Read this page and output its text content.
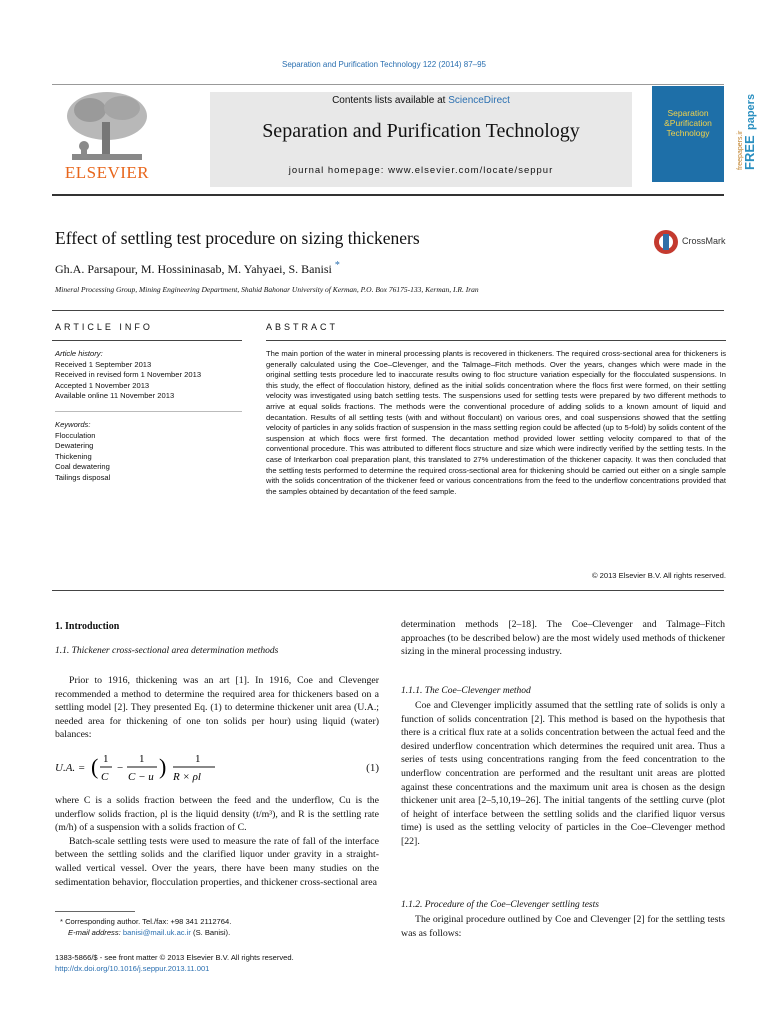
Separation and Purification Technology 122 (2014) 87–95
ELSEVIER
Contents lists available at ScienceDirect
Separation and Purification Technology
journal homepage: www.elsevier.com/locate/seppur
Separation
&Purification
Technology
FREE
papers
freepapers.ir
Effect of settling test procedure on sizing thickeners	CrossMark
Gh.A. Parsapour, M. Hossininasab, M. Yahyaei, S. Banisi *
Mineral Processing Group, Mining Engineering Department, Shahid Bahonar University of Kerman, P.O. Box 76175-133, Kerman, I.R. Iran
ARTICLE INFO	ABSTRACT
Article history:
Received 1 September 2013
Received in revised form 1 November 2013
Accepted 1 November 2013
Available online 11 November 2013
Keywords:
Flocculation
Dewatering
Thickening
Coal dewatering
Tailings disposal
The main portion of the water in mineral processing plants is recovered in thickeners. The required cross-sectional area for thickeners is generally calculated using the Coe–Clevenger, and the Talmage–Fitch methods. Over the years, changes which were made in the original settling tests procedure led to inaccurate results owing to floc structure variation especially for the flocculated suspensions. In this study, the effect of flocculation history, defined as the initial solids concentration where the flocs first were formed, on their settling velocity was investigated using batch settling tests. The suspensions used for settling tests were prepared by two different methods to arrive at equal solids fractions. The methods were the conventional procedure of adding solids to a known amount of liquid and decantation. Results of all settling tests (with and without flocculant) on various ores, and coal suspensions showed that the settling velocity of particles in any solids fraction of suspension in the mass settling region could be affected (up to 5-fold) by solids content of the suspension at which flocs were first formed. The decantation method provided lower settling velocity compared to that of the conventional procedure. This was attributed to different flocs structure and size which were indirectly verified by the settling tests. In the case of Interkarbon coal preparation plant, this translated to 27% underestimation of the thickener capacity. It was then concluded that the settling tests performed to determine the required cross-sectional area for thickening should be carried out either on a single sample with the solids concentration of the thickener feed or various concentrations from the feed to the underflow concentrations provided that the samples obtained by decantation of the feed sample.
© 2013 Elsevier B.V. All rights reserved.
1. Introduction
1.1. Thickener cross-sectional area determination methods

Prior to 1916, thickening was an art [1]. In 1916, Coe and Clevenger recommended a method to determine the required area for thickeners based on a settling model [2]. They presented Eq. (1) to determine thickener unit area (U.A.; needed area for thickening of one ton solids per hour) using liquid (water) balances:

U.A. = ( 1
C
−
1
C − u )	1
R × ρl
(1)

where C is a solids fraction between the feed and the underflow, Cu is the underflow solids fraction, ρl is the liquid density (t/m³), and R is the settling rate (m/h) of a suspension with a solids fraction of C.

Batch-scale settling tests were used to measure the rate of fall of the interface between the settling solids and the clarified liquor under gravity in a straight-walled vertical vessel. Over the years, there have been many studies on the sedimentation behavior, flocculation properties, and thickener cross-sectional area

determination methods [2–18]. The Coe–Clevenger and Talmage–Fitch approaches (to be described below) are the most widely used methods of thickener sizing in the mineral processing industry.

1.1.1. The Coe–Clevenger method

Coe and Clevenger implicitly assumed that the settling rate of solids is only a function of solids concentration [2]. This method is based on the hypothesis that there is a critical flux rate at a solids concentration between the actual feed and the desired underflow concentration which determines the required unit area. Thus a series of tests using concentrations ranging from the feed concentration to the underflow concentration are performed and the resultant unit areas are plotted against these concentrations and the maximum unit area is chosen as the design thickener unit area [2–5,10,19–26]. The initial tangents of the settling curve (plot of height of interface between the settling solids and the clarified liquor versus time) is used as the settling velocity of particles in the Coe–Clevenger method [22].

1.1.2. Procedure of the Coe–Clevenger settling tests

The original procedure outlined by Coe and Clevenger [2] for the settling tests was as follows:

* Corresponding author. Tel./fax: +98 341 2112764.
E-mail address: banisi@mail.uk.ac.ir (S. Banisi).
1383-5866/$ - see front matter © 2013 Elsevier B.V. All rights reserved.
http://dx.doi.org/10.1016/j.seppur.2013.11.001
